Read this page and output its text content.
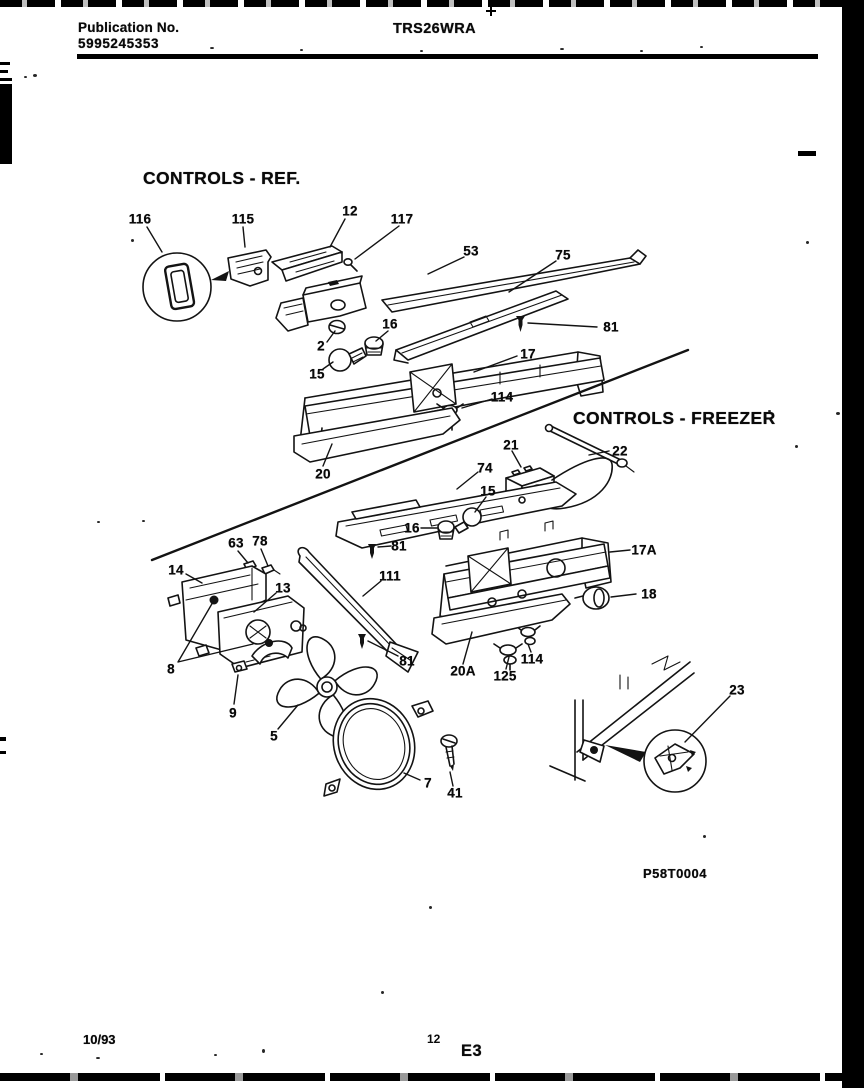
Publication No.
5995245353
TRS26WRA
CONTROLS - REF.
CONTROLS - FREEZER
116	115
12
117
53	75
81
2
16
15
17
114
20
21	22
74
15
16
81
63 78
14
13
111
17A
18
8
9
81
20A 125
114
5
7
41
23
P58T0004
10/93	12
E3
